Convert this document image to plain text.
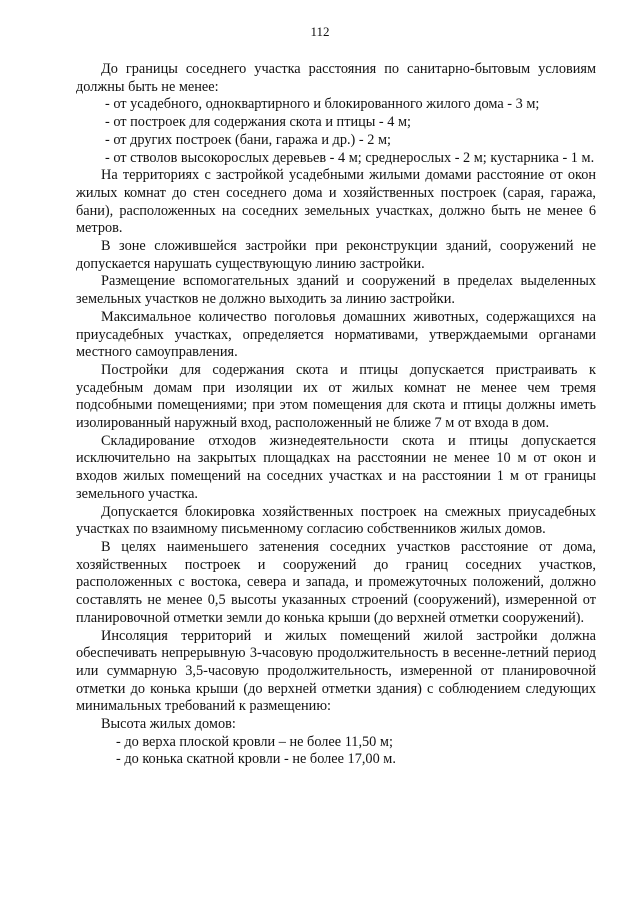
112

До границы соседнего участка расстояния по санитарно-бытовым условиям должны быть не менее:

- от усадебного, одноквартирного и блокированного жилого дома - 3 м;

- от построек для содержания скота и птицы - 4 м;

- от других построек (бани, гаража и др.) - 2 м;

- от стволов высокорослых деревьев - 4 м; среднерослых - 2 м; кустарника - 1 м.

На территориях с застройкой усадебными жилыми домами расстояние от окон жилых комнат до стен соседнего дома и хозяйственных построек (сарая, гаража, бани), расположенных на соседних земельных участках, должно быть не менее 6 метров.

В зоне сложившейся застройки при реконструкции зданий, сооружений не допускается нарушать существующую линию застройки.

Размещение вспомогательных зданий и сооружений в пределах выделенных земельных участков не должно выходить за линию застройки.

Максимальное количество поголовья домашних животных, содержащихся на приусадебных участках, определяется нормативами, утверждаемыми органами местного самоуправления.

Постройки для содержания скота и птицы допускается пристраивать к усадебным домам при изоляции их от жилых комнат не менее чем тремя подсобными помещениями; при этом помещения для скота и птицы должны иметь изолированный наружный вход, расположенный не ближе 7 м от входа в дом.

Складирование отходов жизнедеятельности скота и птицы допускается исключительно на закрытых площадках на расстоянии не менее 10 м от окон и входов жилых помещений на соседних участках и на расстоянии 1 м от границы земельного участка.

Допускается блокировка хозяйственных построек на смежных приусадебных участках по взаимному письменному согласию собственников жилых домов.

В целях наименьшего затенения соседних участков расстояние от дома, хозяйственных построек и сооружений до границ соседних участков, расположенных с востока, севера и запада, и промежуточных положений, должно составлять не менее 0,5 высоты указанных строений (сооружений), измеренной от планировочной отметки земли до конька крыши (до верхней отметки сооружений).

Инсоляция территорий и жилых помещений жилой застройки должна обеспечивать непрерывную 3-часовую продолжительность в весенне-летний период или суммарную 3,5-часовую продолжительность, измеренной от планировочной отметки до конька крыши (до верхней отметки здания) с соблюдением следующих минимальных требований к размещению:

Высота жилых домов:

- до верха плоской кровли – не более 11,50 м;

- до конька скатной кровли - не более 17,00 м.
